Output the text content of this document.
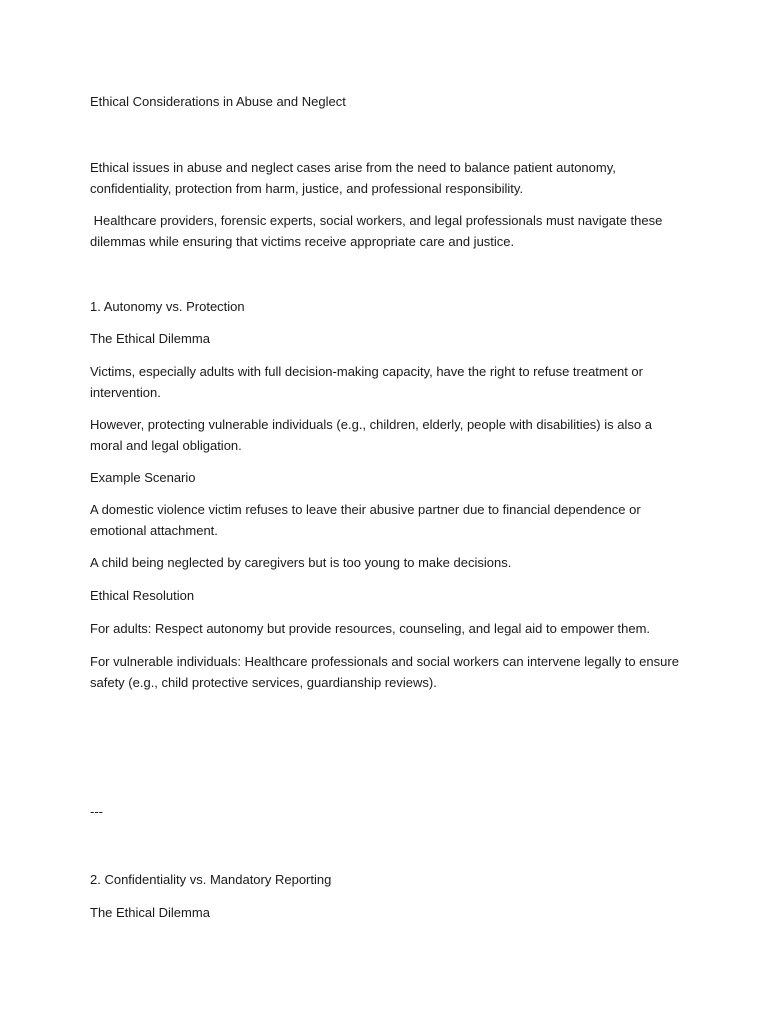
Ethical Considerations in Abuse and Neglect

Ethical issues in abuse and neglect cases arise from the need to balance patient autonomy, confidentiality, protection from harm, justice, and professional responsibility.

Healthcare providers, forensic experts, social workers, and legal professionals must navigate these dilemmas while ensuring that victims receive appropriate care and justice.

1. Autonomy vs. Protection

The Ethical Dilemma

Victims, especially adults with full decision-making capacity, have the right to refuse treatment or intervention.

However, protecting vulnerable individuals (e.g., children, elderly, people with disabilities) is also a moral and legal obligation.

Example Scenario

A domestic violence victim refuses to leave their abusive partner due to financial dependence or emotional attachment.

A child being neglected by caregivers but is too young to make decisions.

Ethical Resolution

For adults: Respect autonomy but provide resources, counseling, and legal aid to empower them.

For vulnerable individuals: Healthcare professionals and social workers can intervene legally to ensure safety (e.g., child protective services, guardianship reviews).

---

2. Confidentiality vs. Mandatory Reporting

The Ethical Dilemma
